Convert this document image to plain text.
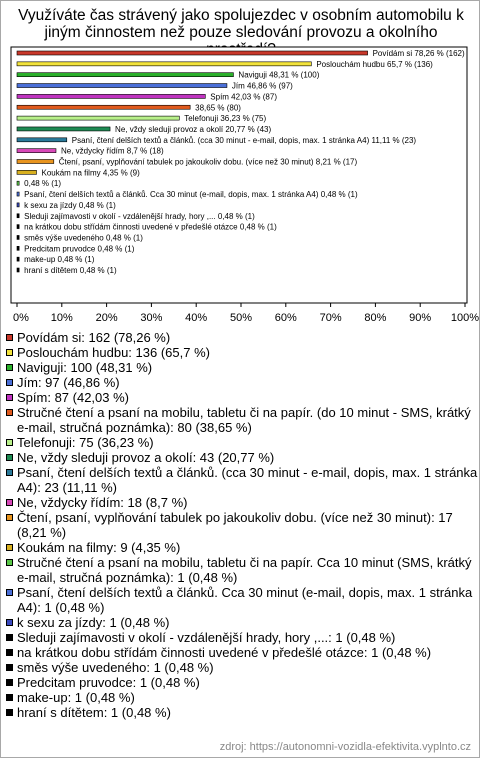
Využíváte čas strávený jako spolujezdec v osobním automobilu k
jiným činnostem než pouze sledování provozu a okolního
Povídám si 78,26 % (162)
Poslouchám hudbu 65,7 % (136)
Naviguji 48,31 % (100)
Jím 46,86 % (97)
Spím 42,03 % (87)
38,65 % (80)
Telefonuji 36,23 % (75)
Ne, vždy sleduji provoz a okolí 20,77 % (43)
Psaní, čtení delších textů a článků. (cca 30 minut - e-mail, dopis, max. 1 stránka A4) 11,11 % (23)
Ne, vždycky řídím 8,7 % (18)
Čtení, psaní, vyplňování tabulek po jakoukoliv dobu. (více než 30 minut) 8,21 % (17)
Koukám na filmy 4,35 % (9)
0,48 % (1)
Psaní, čtení delších textů a článků. Cca 30 minut (e-mail, dopis, max. 1 stránka A4) 0,48 % (1)
k sexu za jízdy 0,48 % (1)
Sleduji zajímavosti v okolí - vzdálenější hrady, hory ,... 0,48 % (1)
na krátkou dobu střídám činnosti uvedené v předešlé otázce 0,48 % (1)
směs výše uvedeného 0,48 % (1)
Predcitam pruvodce 0,48 % (1)
make-up 0,48 % (1)
hraní s dítětem 0,48 % (1)
0% 10% 20% 30% 40% 50% 60% 70% 80% 90% 100%
Povídám si: 162 (78,26 %)
Poslouchám hudbu: 136 (65,7 %)
Naviguji: 100 (48,31 %)
Jím: 97 (46,86 %)
Spím: 87 (42,03 %)
Stručné čtení a psaní na mobilu, tabletu či na papír. (do 10 minut - SMS, krátký e-mail, stručná poznámka): 80 (38,65 %)
Telefonuji: 75 (36,23 %)
Ne, vždy sleduji provoz a okolí: 43 (20,77 %)
Psaní, čtení delších textů a článků. (cca 30 minut - e-mail, dopis, max. 1 stránka A4): 23 (11,11 %)
Ne, vždycky řídím: 18 (8,7 %)
Čtení, psaní, vyplňování tabulek po jakoukoliv dobu. (více než 30 minut): 17 (8,21 %)
Koukám na filmy: 9 (4,35 %)
Stručné čtení a psaní na mobilu, tabletu či na papír. Cca 10 minut (SMS, krátký e-mail, stručná poznámka): 1 (0,48 %)
Psaní, čtení delších textů a článků. Cca 30 minut (e-mail, dopis, max. 1 stránka A4): 1 (0,48 %)
k sexu za jízdy: 1 (0,48 %)
Sleduji zajímavosti v okolí - vzdálenější hrady, hory ,...: 1 (0,48 %)
na krátkou dobu střídám činnosti uvedené v předešlé otázce: 1 (0,48 %)
směs výše uvedeného: 1 (0,48 %)
Predcitam pruvodce: 1 (0,48 %)
make-up: 1 (0,48 %)
hraní s dítětem: 1 (0,48 %)
zdroj: https://autonomni-vozidla-efektivita.vyplnto.cz
